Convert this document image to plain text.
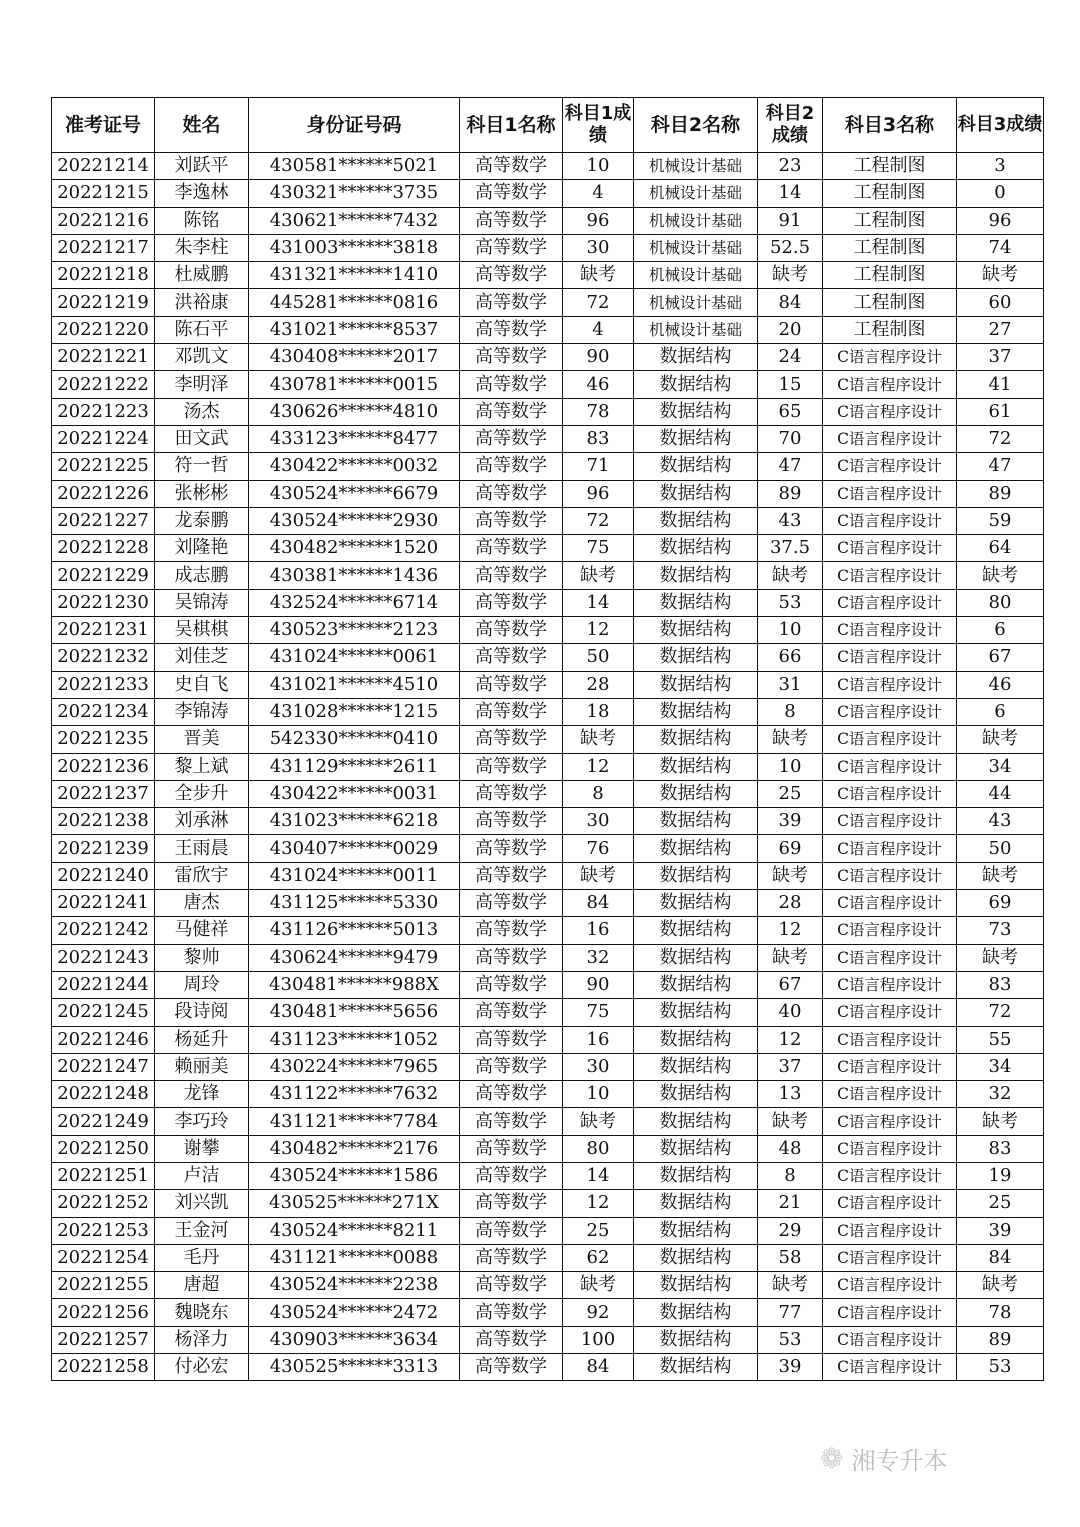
准考证号	姓名	身份证号码	科目1名称	科目1成绩	科目2名称	科目2成绩	科目3名称	科目3成绩
20221214	刘跃平	430581******5021	高等数学	10	机械设计基础	23	工程制图	3
20221215	李逸林	430321******3735	高等数学	4	机械设计基础	14	工程制图	0
20221216	陈铭	430621******7432	高等数学	96	机械设计基础	91	工程制图	96
20221217	朱李柱	431003******3818	高等数学	30	机械设计基础	52.5	工程制图	74
20221218	杜威鹏	431321******1410	高等数学	缺考	机械设计基础	缺考	工程制图	缺考
20221219	洪裕康	445281******0816	高等数学	72	机械设计基础	84	工程制图	60
20221220	陈石平	431021******8537	高等数学	4	机械设计基础	20	工程制图	27
20221221	邓凯文	430408******2017	高等数学	90	数据结构	24	C语言程序设计	37
20221222	李明泽	430781******0015	高等数学	46	数据结构	15	C语言程序设计	41
20221223	汤杰	430626******4810	高等数学	78	数据结构	65	C语言程序设计	61
20221224	田文武	433123******8477	高等数学	83	数据结构	70	C语言程序设计	72
20221225	符一哲	430422******0032	高等数学	71	数据结构	47	C语言程序设计	47
20221226	张彬彬	430524******6679	高等数学	96	数据结构	89	C语言程序设计	89
20221227	龙泰鹏	430524******2930	高等数学	72	数据结构	43	C语言程序设计	59
20221228	刘隆艳	430482******1520	高等数学	75	数据结构	37.5	C语言程序设计	64
20221229	成志鹏	430381******1436	高等数学	缺考	数据结构	缺考	C语言程序设计	缺考
20221230	吴锦涛	432524******6714	高等数学	14	数据结构	53	C语言程序设计	80
20221231	吴棋棋	430523******2123	高等数学	12	数据结构	10	C语言程序设计	6
20221232	刘佳芝	431024******0061	高等数学	50	数据结构	66	C语言程序设计	67
20221233	史自飞	431021******4510	高等数学	28	数据结构	31	C语言程序设计	46
20221234	李锦涛	431028******1215	高等数学	18	数据结构	8	C语言程序设计	6
20221235	晋美	542330******0410	高等数学	缺考	数据结构	缺考	C语言程序设计	缺考
20221236	黎上斌	431129******2611	高等数学	12	数据结构	10	C语言程序设计	34
20221237	全步升	430422******0031	高等数学	8	数据结构	25	C语言程序设计	44
20221238	刘承淋	431023******6218	高等数学	30	数据结构	39	C语言程序设计	43
20221239	王雨晨	430407******0029	高等数学	76	数据结构	69	C语言程序设计	50
20221240	雷欣宇	431024******0011	高等数学	缺考	数据结构	缺考	C语言程序设计	缺考
20221241	唐杰	431125******5330	高等数学	84	数据结构	28	C语言程序设计	69
20221242	马健祥	431126******5013	高等数学	16	数据结构	12	C语言程序设计	73
20221243	黎帅	430624******9479	高等数学	32	数据结构	缺考	C语言程序设计	缺考
20221244	周玲	430481******988X	高等数学	90	数据结构	67	C语言程序设计	83
20221245	段诗阅	430481******5656	高等数学	75	数据结构	40	C语言程序设计	72
20221246	杨延升	431123******1052	高等数学	16	数据结构	12	C语言程序设计	55
20221247	赖丽美	430224******7965	高等数学	30	数据结构	37	C语言程序设计	34
20221248	龙锋	431122******7632	高等数学	10	数据结构	13	C语言程序设计	32
20221249	李巧玲	431121******7784	高等数学	缺考	数据结构	缺考	C语言程序设计	缺考
20221250	谢攀	430482******2176	高等数学	80	数据结构	48	C语言程序设计	83
20221251	卢洁	430524******1586	高等数学	14	数据结构	8	C语言程序设计	19
20221252	刘兴凯	430525******271X	高等数学	12	数据结构	21	C语言程序设计	25
20221253	王金河	430524******8211	高等数学	25	数据结构	29	C语言程序设计	39
20221254	毛丹	431121******0088	高等数学	62	数据结构	58	C语言程序设计	84
20221255	唐超	430524******2238	高等数学	缺考	数据结构	缺考	C语言程序设计	缺考
20221256	魏晓东	430524******2472	高等数学	92	数据结构	77	C语言程序设计	78
20221257	杨泽力	430903******3634	高等数学	100	数据结构	53	C语言程序设计	89
20221258	付必宏	430525******3313	高等数学	84	数据结构	39	C语言程序设计	53
❁ 湘专升本
